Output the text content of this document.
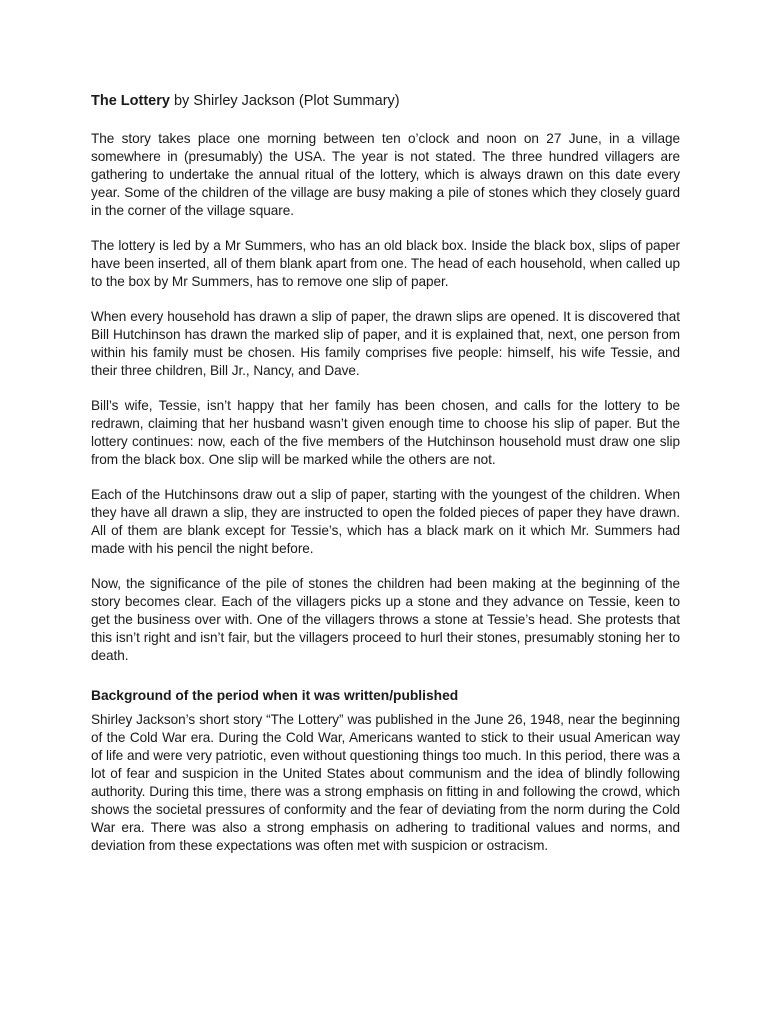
The Lottery by Shirley Jackson (Plot Summary)

The story takes place one morning between ten o’clock and noon on 27 June, in a village somewhere in (presumably) the USA. The year is not stated. The three hundred villagers are gathering to undertake the annual ritual of the lottery, which is always drawn on this date every year. Some of the children of the village are busy making a pile of stones which they closely guard in the corner of the village square.

The lottery is led by a Mr Summers, who has an old black box. Inside the black box, slips of paper have been inserted, all of them blank apart from one. The head of each household, when called up to the box by Mr Summers, has to remove one slip of paper.

When every household has drawn a slip of paper, the drawn slips are opened. It is discovered that Bill Hutchinson has drawn the marked slip of paper, and it is explained that, next, one person from within his family must be chosen. His family comprises five people: himself, his wife Tessie, and their three children, Bill Jr., Nancy, and Dave.

Bill’s wife, Tessie, isn’t happy that her family has been chosen, and calls for the lottery to be redrawn, claiming that her husband wasn’t given enough time to choose his slip of paper. But the lottery continues: now, each of the five members of the Hutchinson household must draw one slip from the black box. One slip will be marked while the others are not.

Each of the Hutchinsons draw out a slip of paper, starting with the youngest of the children. When they have all drawn a slip, they are instructed to open the folded pieces of paper they have drawn. All of them are blank except for Tessie’s, which has a black mark on it which Mr. Summers had made with his pencil the night before.

Now, the significance of the pile of stones the children had been making at the beginning of the story becomes clear. Each of the villagers picks up a stone and they advance on Tessie, keen to get the business over with. One of the villagers throws a stone at Tessie’s head. She protests that this isn’t right and isn’t fair, but the villagers proceed to hurl their stones, presumably stoning her to death.

Background of the period when it was written/published

Shirley Jackson’s short story “The Lottery” was published in the June 26, 1948, near the beginning of the Cold War era. During the Cold War, Americans wanted to stick to their usual American way of life and were very patriotic, even without questioning things too much. In this period, there was a lot of fear and suspicion in the United States about communism and the idea of blindly following authority. During this time, there was a strong emphasis on fitting in and following the crowd, which shows the societal pressures of conformity and the fear of deviating from the norm during the Cold War era. There was also a strong emphasis on adhering to traditional values and norms, and deviation from these expectations was often met with suspicion or ostracism.
